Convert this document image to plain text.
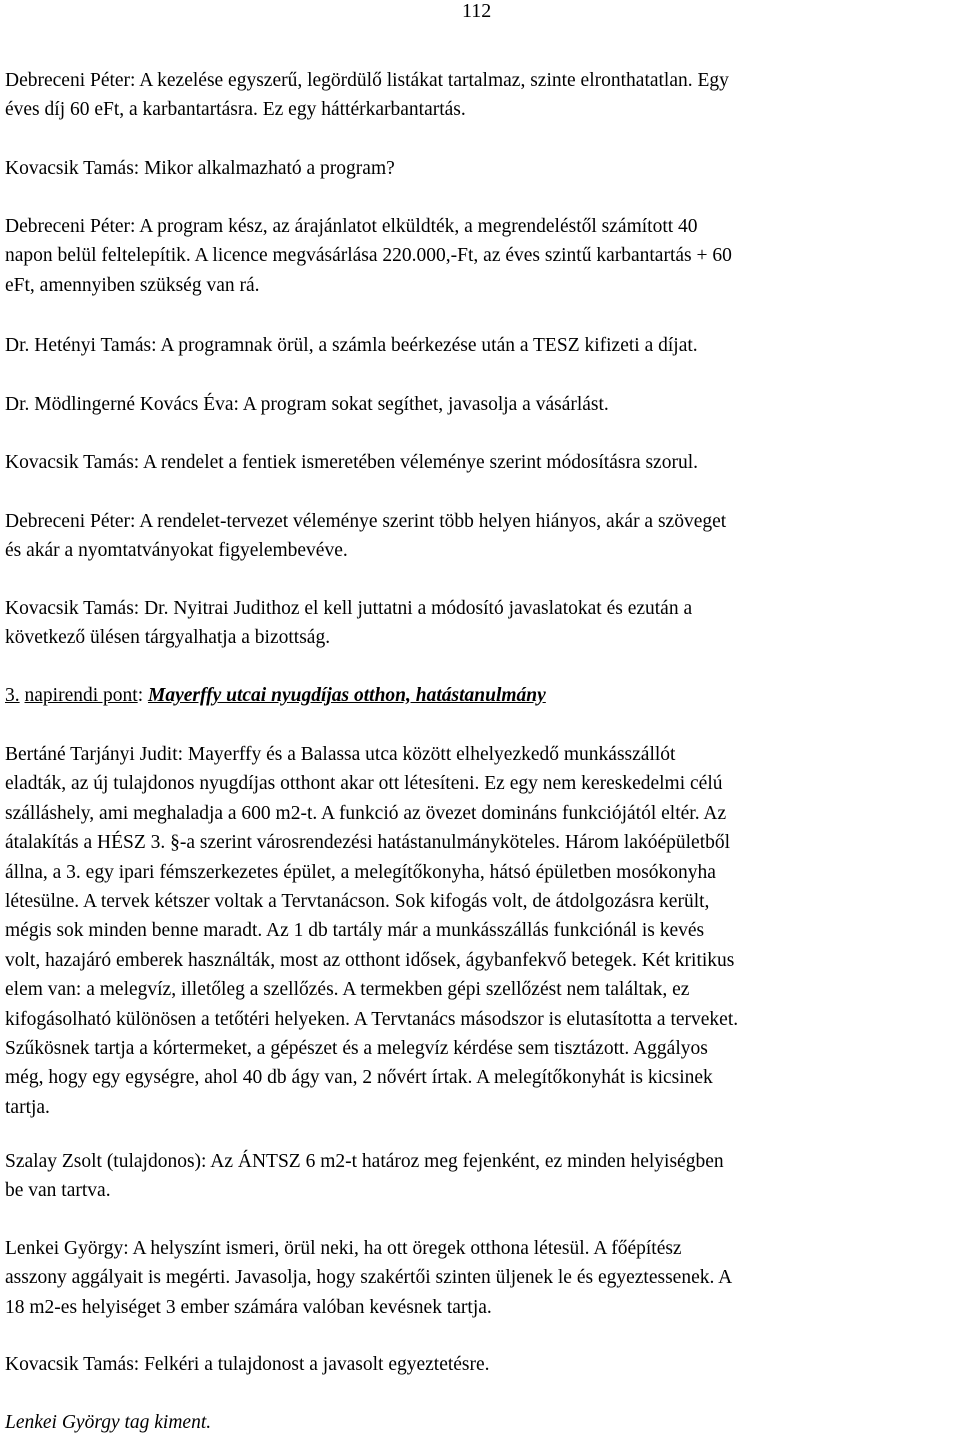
112

Debreceni Péter: A kezelése egyszerű, legördülő listákat tartalmaz, szinte elronthatatlan. Egy
éves díj 60 eFt, a karbantartásra. Ez egy háttérkarbantartás.

Kovacsik Tamás: Mikor alkalmazható a program?

Debreceni Péter: A program kész, az árajánlatot elküldték, a megrendeléstől számított 40
napon belül feltelepítik. A licence megvásárlása 220.000,-Ft, az éves szintű karbantartás + 60
eFt, amennyiben szükség van rá.

Dr. Hetényi Tamás: A programnak örül, a számla beérkezése után a TESZ kifizeti a díjat.

Dr. Mödlingerné Kovács Éva: A program sokat segíthet, javasolja a vásárlást.

Kovacsik Tamás: A rendelet a fentiek ismeretében véleménye szerint módosításra szorul.

Debreceni Péter: A rendelet-tervezet véleménye szerint több helyen hiányos, akár a szöveget
és akár a nyomtatványokat figyelembevéve.

Kovacsik Tamás: Dr. Nyitrai Judithoz el kell juttatni a módosító javaslatokat és ezután a
következő ülésen tárgyalhatja a bizottság.

3. napirendi pont: Mayerffy utcai nyugdíjas otthon, hatástanulmány

Bertáné Tarjányi Judit: Mayerffy és a Balassa utca között elhelyezkedő munkásszállót
eladták, az új tulajdonos nyugdíjas otthont akar ott létesíteni. Ez egy nem kereskedelmi célú
szálláshely, ami meghaladja a 600 m2-t. A funkció az övezet domináns funkciójától eltér. Az
átalakítás a HÉSZ 3. §-a szerint városrendezési hatástanulmányköteles. Három lakóépületből
állna, a 3. egy ipari fémszerkezetes épület, a melegítőkonyha, hátsó épületben mosókonyha
létesülne. A tervek kétszer voltak a Tervtanácson. Sok kifogás volt, de átdolgozásra került,
mégis sok minden benne maradt. Az 1 db tartály már a munkásszállás funkciónál is kevés
volt, hazajáró emberek használták, most az otthont idősek, ágybanfekvő betegek. Két kritikus
elem van: a melegvíz, illetőleg a szellőzés. A termekben gépi szellőzést nem találtak, ez
kifogásolható különösen a tetőtéri helyeken. A Tervtanács másodszor is elutasította a terveket.
Szűkösnek tartja a kórtermeket, a gépészet és a melegvíz kérdése sem tisztázott. Aggályos
még, hogy egy egységre, ahol 40 db ágy van, 2 nővért írtak. A melegítőkonyhát is kicsinek
tartja.

Szalay Zsolt (tulajdonos): Az ÁNTSZ 6 m2-t határoz meg fejenként, ez minden helyiségben
be van tartva.

Lenkei György: A helyszínt ismeri, örül neki, ha ott öregek otthona létesül. A főépítész
asszony aggályait is megérti. Javasolja, hogy szakértői szinten üljenek le és egyeztessenek. A
18 m2-es helyiséget 3 ember számára valóban kevésnek tartja.

Kovacsik Tamás: Felkéri a tulajdonost a javasolt egyeztetésre.

Lenkei György tag kiment.
